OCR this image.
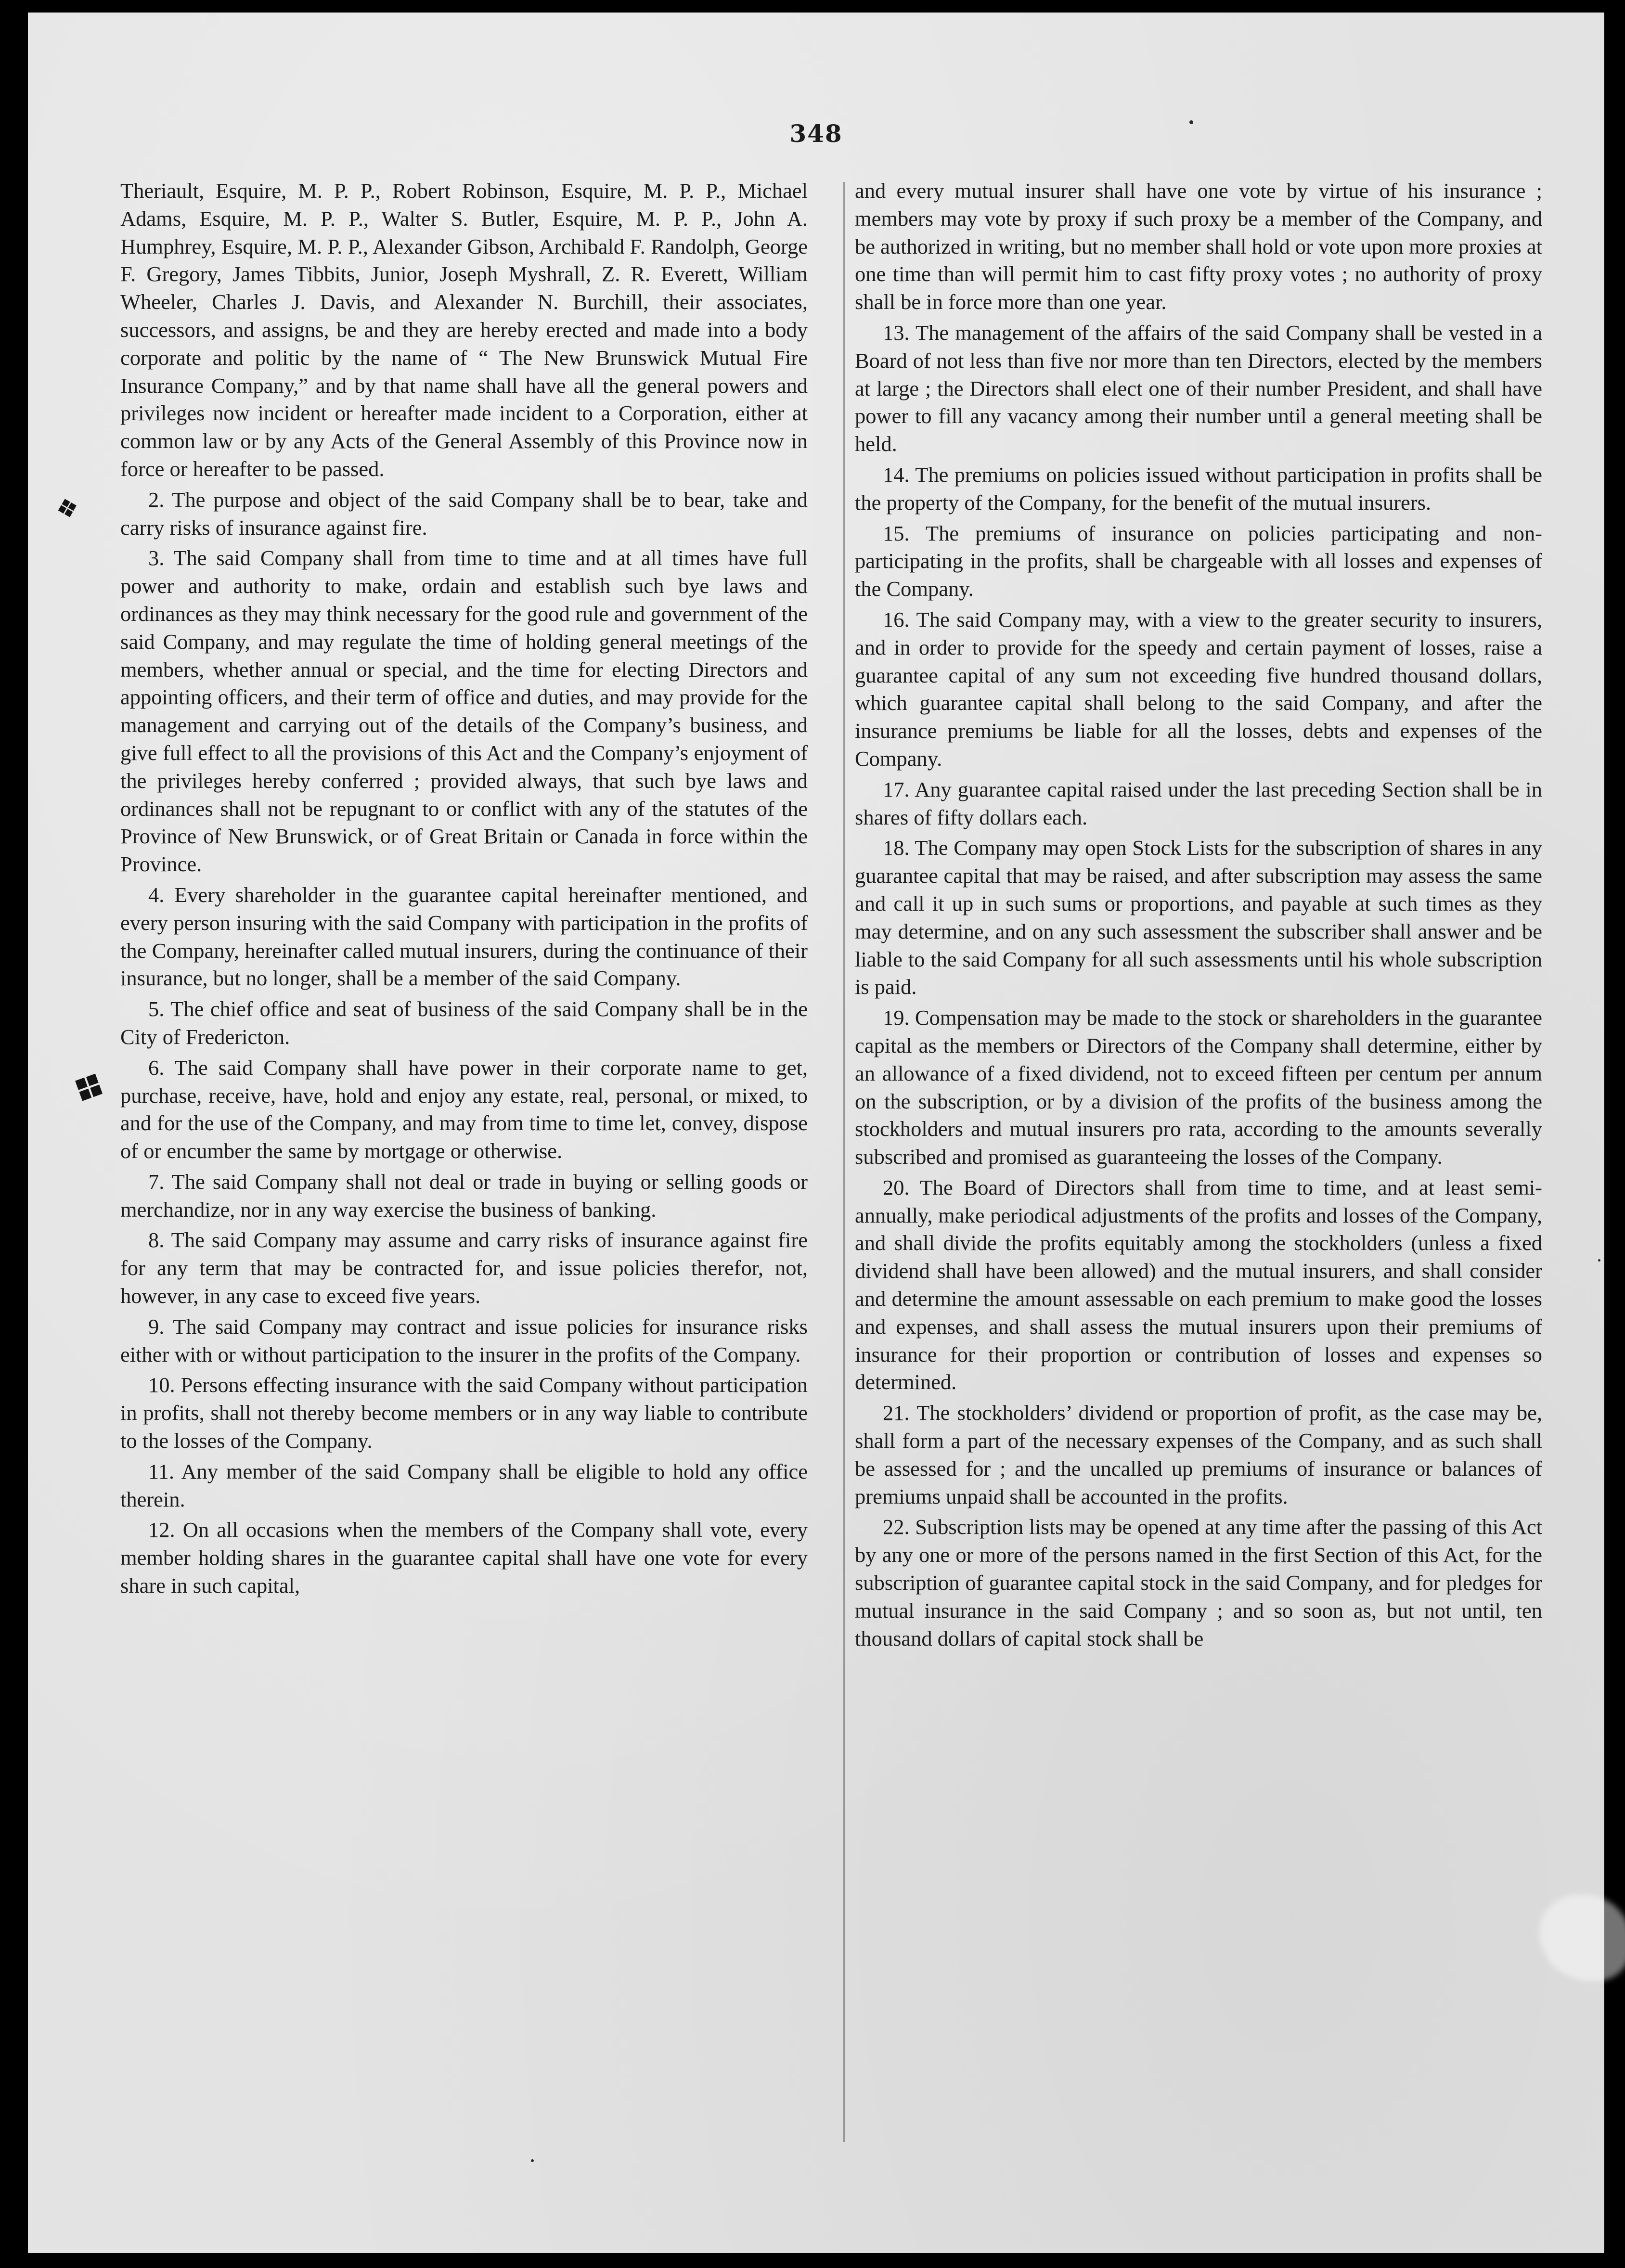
348
❖
❖

Theriault, Esquire, M. P. P., Robert Robinson, Esquire, M. P. P., Michael Adams, Esquire, M. P. P., Walter S. Butler, Esquire, M. P. P., John A. Humphrey, Esquire, M. P. P., Alexander Gibson, Archibald F. Randolph, George F. Gregory, James Tibbits, Junior, Joseph Myshrall, Z. R. Everett, William Wheeler, Charles J. Davis, and Alexander N. Burchill, their associates, successors, and assigns, be and they are hereby erected and made into a body corporate and politic by the name of “ The New Brunswick Mutual Fire Insurance Company,” and by that name shall have all the general powers and privileges now incident or hereafter made incident to a Corporation, either at common law or by any Acts of the General Assembly of this Province now in force or hereafter to be passed.

2. The purpose and object of the said Company shall be to bear, take and carry risks of insurance against fire.

3. The said Company shall from time to time and at all times have full power and authority to make, ordain and establish such bye laws and ordinances as they may think necessary for the good rule and government of the said Company, and may regulate the time of holding general meetings of the members, whether annual or special, and the time for electing Directors and appointing officers, and their term of office and duties, and may provide for the management and carrying out of the details of the Company’s business, and give full effect to all the provisions of this Act and the Company’s enjoyment of the privileges hereby conferred ; provided always, that such bye laws and ordinances shall not be repugnant to or conflict with any of the statutes of the Province of New Brunswick, or of Great Britain or Canada in force within the Province.

4. Every shareholder in the guarantee capital hereinafter mentioned, and every person insuring with the said Company with participation in the profits of the Company, hereinafter called mutual insurers, during the continuance of their insurance, but no longer, shall be a member of the said Company.

5. The chief office and seat of business of the said Company shall be in the City of Fredericton.

6. The said Company shall have power in their corporate name to get, purchase, receive, have, hold and enjoy any estate, real, personal, or mixed, to and for the use of the Company, and may from time to time let, convey, dispose of or encumber the same by mortgage or otherwise.

7. The said Company shall not deal or trade in buying or selling goods or merchandize, nor in any way exercise the business of banking.

8. The said Company may assume and carry risks of insurance against fire for any term that may be contracted for, and issue policies therefor, not, however, in any case to exceed five years.

9. The said Company may contract and issue policies for insurance risks either with or without participation to the insurer in the profits of the Company.

10. Persons effecting insurance with the said Company without participation in profits, shall not thereby become members or in any way liable to contribute to the losses of the Company.

11. Any member of the said Company shall be eligible to hold any office therein.

12. On all occasions when the members of the Company shall vote, every member holding shares in the guarantee capital shall have one vote for every share in such capital,

and every mutual insurer shall have one vote by virtue of his insurance ; members may vote by proxy if such proxy be a member of the Company, and be authorized in writing, but no member shall hold or vote upon more proxies at one time than will permit him to cast fifty proxy votes ; no authority of proxy shall be in force more than one year.

13. The management of the affairs of the said Company shall be vested in a Board of not less than five nor more than ten Directors, elected by the members at large ; the Directors shall elect one of their number President, and shall have power to fill any vacancy among their number until a general meeting shall be held.

14. The premiums on policies issued without participation in profits shall be the property of the Company, for the benefit of the mutual insurers.

15. The premiums of insurance on policies participating and non-participating in the profits, shall be chargeable with all losses and expenses of the Company.

16. The said Company may, with a view to the greater security to insurers, and in order to provide for the speedy and certain payment of losses, raise a guarantee capital of any sum not exceeding five hundred thousand dollars, which guarantee capital shall belong to the said Company, and after the insurance premiums be liable for all the losses, debts and expenses of the Company.

17. Any guarantee capital raised under the last preceding Section shall be in shares of fifty dollars each.

18. The Company may open Stock Lists for the subscription of shares in any guarantee capital that may be raised, and after subscription may assess the same and call it up in such sums or proportions, and payable at such times as they may determine, and on any such assessment the subscriber shall answer and be liable to the said Company for all such assessments until his whole subscription is paid.

19. Compensation may be made to the stock or shareholders in the guarantee capital as the members or Directors of the Company shall determine, either by an allowance of a fixed dividend, not to exceed fifteen per centum per annum on the subscription, or by a division of the profits of the business among the stockholders and mutual insurers pro rata, according to the amounts severally subscribed and promised as guaranteeing the losses of the Company.

20. The Board of Directors shall from time to time, and at least semi-annually, make periodical adjustments of the profits and losses of the Company, and shall divide the profits equitably among the stockholders (unless a fixed dividend shall have been allowed) and the mutual insurers, and shall consider and determine the amount assessable on each premium to make good the losses and expenses, and shall assess the mutual insurers upon their premiums of insurance for their proportion or contribution of losses and expenses so determined.

21. The stockholders’ dividend or proportion of profit, as the case may be, shall form a part of the necessary expenses of the Company, and as such shall be assessed for ; and the uncalled up premiums of insurance or balances of premiums unpaid shall be accounted in the profits.

22. Subscription lists may be opened at any time after the passing of this Act by any one or more of the persons named in the first Section of this Act, for the subscription of guarantee capital stock in the said Company, and for pledges for mutual insurance in the said Company ; and so soon as, but not until, ten thousand dollars of capital stock shall be
